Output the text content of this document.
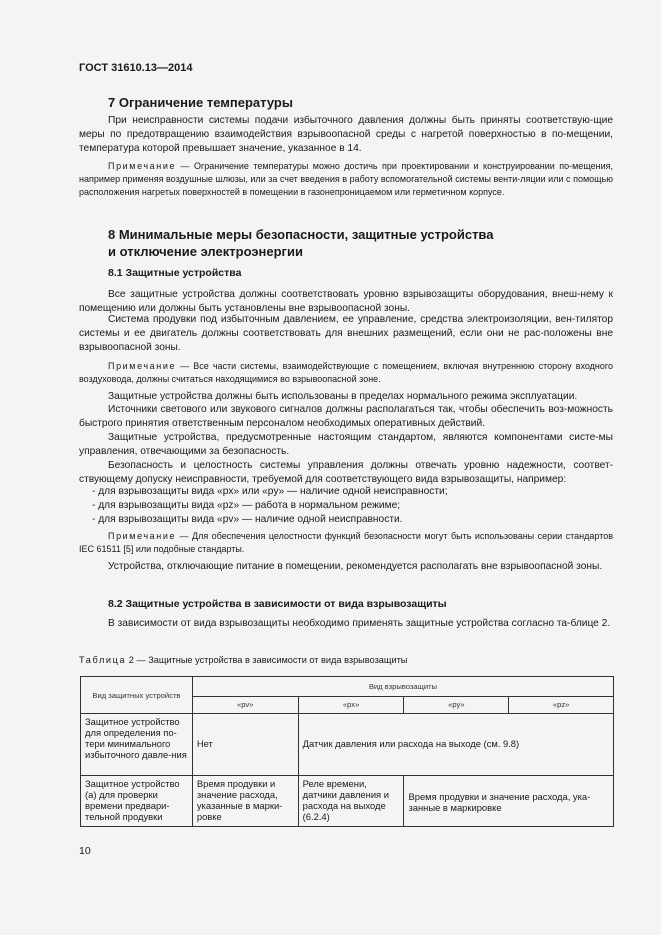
ГОСТ 31610.13—2014
7 Ограничение температуры
При неисправности системы подачи избыточного давления должны быть приняты соответствую-щие меры по предотвращению взаимодействия взрывоопасной среды с нагретой поверхностью в по-мещении, температура которой превышает значение, указанное в 14.
Примечание — Ограничение температуры можно достичь при проектировании и конструировании по-мещения, например применяя воздушные шлюзы, или за счет введения в работу вспомогательной системы венти-ляции или с помощью расположения нагретых поверхностей в помещении в газонепроницаемом или герметичном корпусе.
8 Минимальные меры безопасности, защитные устройства
и отключение электроэнергии
8.1 Защитные устройства
Все защитные устройства должны соответствовать уровню взрывозащиты оборудования, внеш-нему к помещению или должны быть установлены вне взрывоопасной зоны.
Система продувки под избыточным давлением, ее управление, средства электроизоляции, вен-тилятор системы и ее двигатель должны соответствовать для внешних размещений, если они не рас-положены вне взрывоопасной зоны.
Примечание — Все части системы, взаимодействующие с помещением, включая внутреннюю сторону входного воздуховода, должны считаться находящимися во взрывоопасной зоне.
Защитные устройства должны быть использованы в пределах нормального режима эксплуатации.
Источники светового или звукового сигналов должны располагаться так, чтобы обеспечить воз-можность быстрого принятия ответственным персоналом необходимых оперативных действий.
Защитные устройства, предусмотренные настоящим стандартом, являются компонентами систе-мы управления, отвечающими за безопасность.
Безопасность и целостность системы управления должны отвечать уровню надежности, соответ-ствующему допуску неисправности, требуемой для соответствующего вида взрывозащиты, например:
- для взрывозащиты вида «px» или «py» — наличие одной неисправности;
- для взрывозащиты вида «pz» — работа в нормальном режиме;
- для взрывозащиты вида «pv» — наличие одной неисправности.
Примечание — Для обеспечения целостности функций безопасности могут быть использованы серии стандартов IEC 61511 [5] или подобные стандарты.
Устройства, отключающие питание в помещении, рекомендуется располагать вне взрывоопасной зоны.
8.2 Защитные устройства в зависимости от вида взрывозащиты
В зависимости от вида взрывозащиты необходимо применять защитные устройства согласно та-блице 2.
Таблица 2 — Защитные устройства в зависимости от вида взрывозащиты
Вид защитных устройств	Вид взрывозащиты			
	«pv»	«px»	«py»	«pz»
Защитное устройство для определения по-тери минимального избыточного давле-ния	Нет	Датчик давления или расхода на выходе (см. 9.8)		
Защитное устройство (а) для проверки времени предвари-тельной продувки	Время продувки и значение расхода, указанные в марки-ровке	Реле времени, датчики давления и расхода на выходе (6.2.4)	Время продувки и значение расхода, ука-занные в маркировке	
10
